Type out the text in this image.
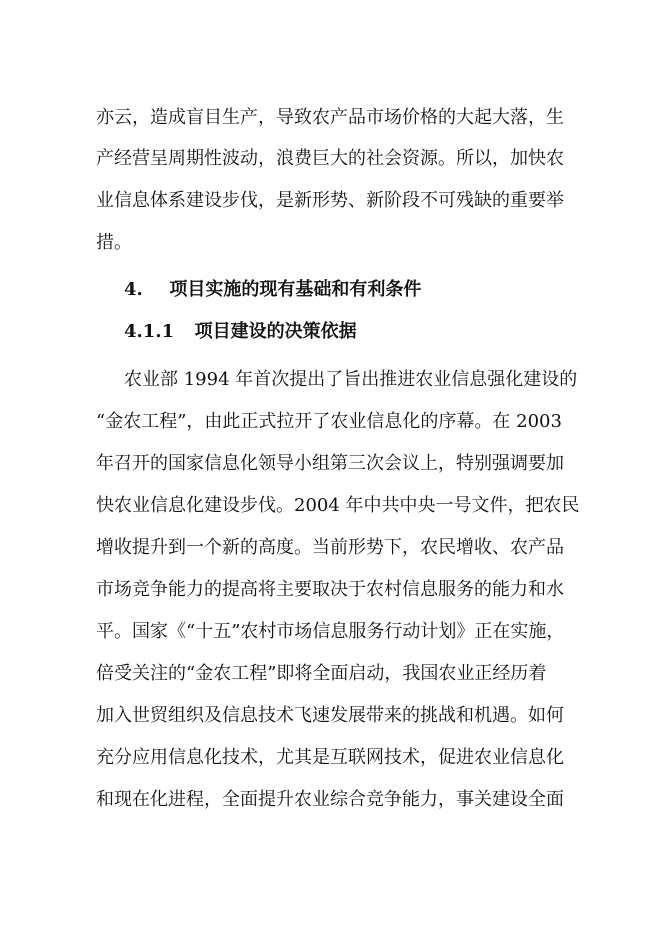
亦云，造成盲目生产，导致农产品市场价格的大起大落，生
产经营呈周期性波动，浪费巨大的社会资源。所以，加快农
业信息体系建设步伐，是新形势、新阶段不可残缺的重要举
措。
4. 项目实施的现有基础和有利条件
4.1.1 项目建设的决策依据
农业部 1994 年首次提出了旨出推进农业信息强化建设的
“金农工程”，由此正式拉开了农业信息化的序幕。在 2003
年召开的国家信息化领导小组第三次会议上，特别强调要加
快农业信息化建设步伐。2004 年中共中央一号文件，把农民
增收提升到一个新的高度。当前形势下，农民增收、农产品
市场竞争能力的提高将主要取决于农村信息服务的能力和水
平。国家《“十五”农村市场信息服务行动计划》正在实施，
倍受关注的“金农工程”即将全面启动，我国农业正经历着
加入世贸组织及信息技术飞速发展带来的挑战和机遇。如何
充分应用信息化技术，尤其是互联网技术，促进农业信息化
和现在化进程，全面提升农业综合竞争能力，事关建设全面
